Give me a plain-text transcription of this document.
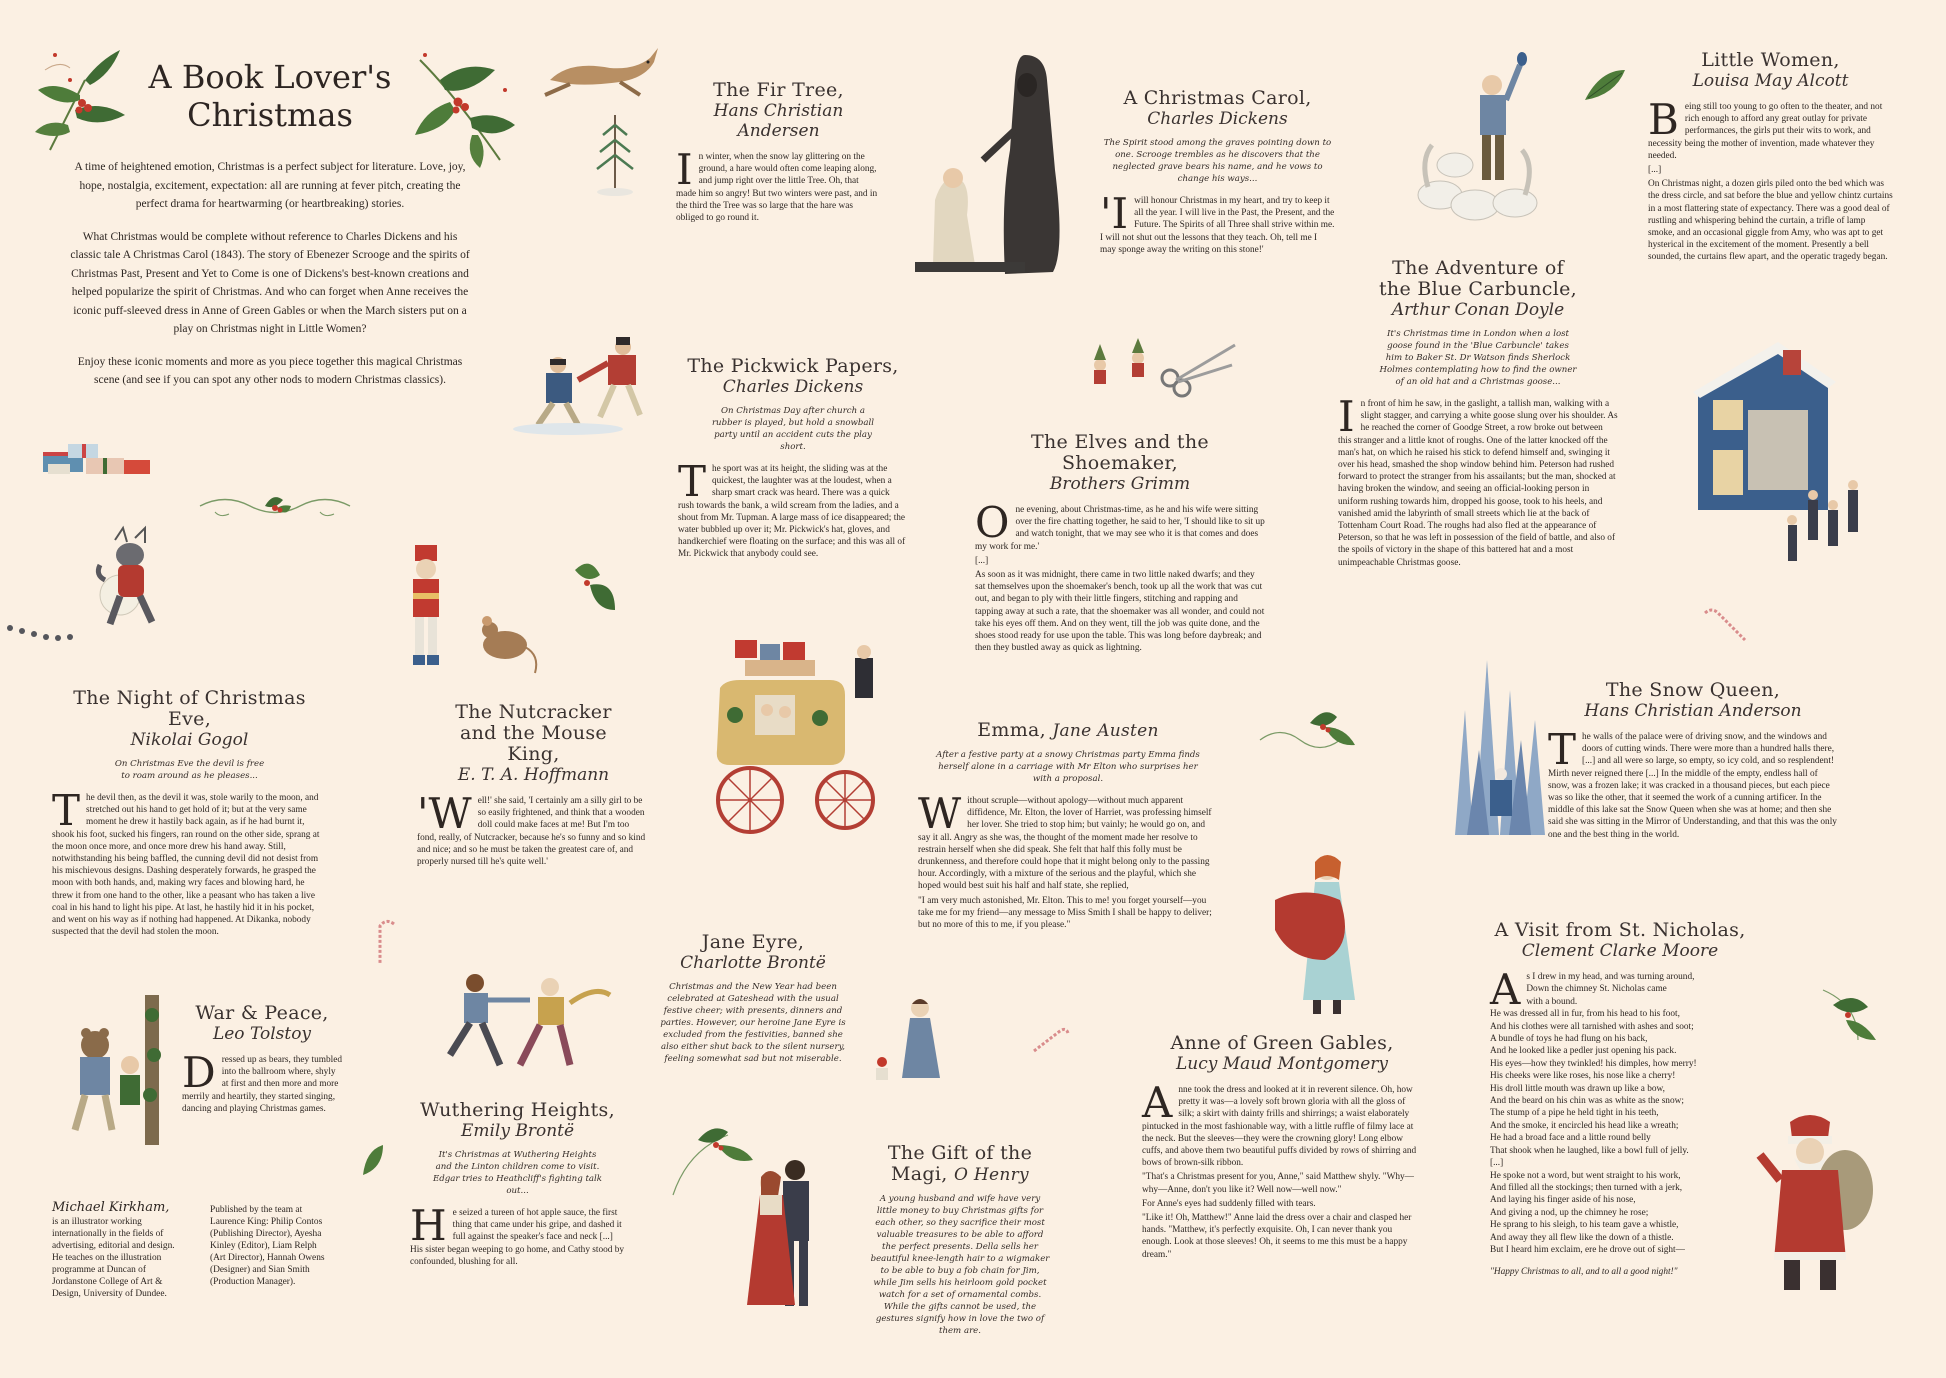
A Book Lover's Christmas

A time of heightened emotion, Christmas is a perfect subject for literature. Love, joy, hope, nostalgia, excitement, expectation: all are running at fever pitch, creating the perfect drama for heartwarming (or heartbreaking) stories.

What Christmas would be complete without reference to Charles Dickens and his classic tale A Christmas Carol (1843). The story of Ebenezer Scrooge and the spirits of Christmas Past, Present and Yet to Come is one of Dickens's best-known creations and helped popularize the spirit of Christmas. And who can forget when Anne receives the iconic puff-sleeved dress in Anne of Green Gables or when the March sisters put on a play on Christmas night in Little Women?

Enjoy these iconic moments and more as you piece together this magical Christmas scene (and see if you can spot any other nods to modern Christmas classics).

The Fir Tree,
Hans Christian Andersen
In winter, when the snow lay glittering on the ground, a hare would often come leaping along, and jump right over the little Tree. Oh, that made him so angry! But two winters were past, and in the third the Tree was so large that the hare was obliged to go round it.
A Christmas Carol,
Charles Dickens
The Spirit stood among the graves pointing down to one. Scrooge trembles as he discovers that the neglected grave bears his name, and he vows to change his ways...
'I will honour Christmas in my heart, and try to keep it all the year. I will live in the Past, the Present, and the Future. The Spirits of all Three shall strive within me. I will not shut out the lessons that they teach. Oh, tell me I may sponge away the writing on this stone!'
Little Women,
Louisa May Alcott

Being still too young to go often to the theater, and not rich enough to afford any great outlay for private performances, the girls put their wits to work, and necessity being the mother of invention, made whatever they needed.

[...]

On Christmas night, a dozen girls piled onto the bed which was the dress circle, and sat before the blue and yellow chintz curtains in a most flattering state of expectancy. There was a good deal of rustling and whispering behind the curtain, a trifle of lamp smoke, and an occasional giggle from Amy, who was apt to get hysterical in the excitement of the moment. Presently a bell sounded, the curtains flew apart, and the operatic tragedy began.

The Pickwick Papers,
Charles Dickens
On Christmas Day after church a rubber is played, but hold a snowball party until an accident cuts the play short.
The sport was at its height, the sliding was at the quickest, the laughter was at the loudest, when a sharp smart crack was heard. There was a quick rush towards the bank, a wild scream from the ladies, and a shout from Mr. Tupman. A large mass of ice disappeared; the water bubbled up over it; Mr. Pickwick's hat, gloves, and handkerchief were floating on the surface; and this was all of Mr. Pickwick that anybody could see.
The Elves and the Shoemaker,
Brothers Grimm

One evening, about Christmas-time, as he and his wife were sitting over the fire chatting together, he said to her, 'I should like to sit up and watch tonight, that we may see who it is that comes and does my work for me.'

[...]

As soon as it was midnight, there came in two little naked dwarfs; and they sat themselves upon the shoemaker's bench, took up all the work that was cut out, and began to ply with their little fingers, stitching and rapping and tapping away at such a rate, that the shoemaker was all wonder, and could not take his eyes off them. And on they went, till the job was quite done, and the shoes stood ready for use upon the table. This was long before daybreak; and then they bustled away as quick as lightning.

The Adventure of the Blue Carbuncle,
Arthur Conan Doyle
It's Christmas time in London when a lost goose found in the 'Blue Carbuncle' takes him to Baker St. Dr Watson finds Sherlock Holmes contemplating how to find the owner of an old hat and a Christmas goose...
In front of him he saw, in the gaslight, a tallish man, walking with a slight stagger, and carrying a white goose slung over his shoulder. As he reached the corner of Goodge Street, a row broke out between this stranger and a little knot of roughs. One of the latter knocked off the man's hat, on which he raised his stick to defend himself and, swinging it over his head, smashed the shop window behind him. Peterson had rushed forward to protect the stranger from his assailants; but the man, shocked at having broken the window, and seeing an official-looking person in uniform rushing towards him, dropped his goose, took to his heels, and vanished amid the labyrinth of small streets which lie at the back of Tottenham Court Road. The roughs had also fled at the appearance of Peterson, so that he was left in possession of the field of battle, and also of the spoils of victory in the shape of this battered hat and a most unimpeachable Christmas goose.
The Night of Christmas Eve,
Nikolai Gogol
On Christmas Eve the devil is free to roam around as he pleases...
The devil then, as the devil it was, stole warily to the moon, and stretched out his hand to get hold of it; but at the very same moment he drew it hastily back again, as if he had burnt it, shook his foot, sucked his fingers, ran round on the other side, sprang at the moon once more, and once more drew his hand away. Still, notwithstanding his being baffled, the cunning devil did not desist from his mischievous designs. Dashing desperately forwards, he grasped the moon with both hands, and, making wry faces and blowing hard, he threw it from one hand to the other, like a peasant who has taken a live coal in his hand to light his pipe. At last, he hastily hid it in his pocket, and went on his way as if nothing had happened. At Dikanka, nobody suspected that the devil had stolen the moon.
The Nutcracker and the Mouse King,
E. T. A. Hoffmann
'Well!' she said, 'I certainly am a silly girl to be so easily frightened, and think that a wooden doll could make faces at me! But I'm too fond, really, of Nutcracker, because he's so funny and so kind and nice; and so he must be taken the greatest care of, and properly nursed till he's quite well.'
Emma, Jane Austen
After a festive party at a snowy Christmas party Emma finds herself alone in a carriage with Mr Elton who surprises her with a proposal.

Without scruple—without apology—without much apparent diffidence, Mr. Elton, the lover of Harriet, was professing himself her lover. She tried to stop him; but vainly; he would go on, and say it all. Angry as she was, the thought of the moment made her resolve to restrain herself when she did speak. She felt that half this folly must be drunkenness, and therefore could hope that it might belong only to the passing hour. Accordingly, with a mixture of the serious and the playful, which she hoped would best suit his half and half state, she replied,

"I am very much astonished, Mr. Elton. This to me! you forget yourself—you take me for my friend—any message to Miss Smith I shall be happy to deliver; but no more of this to me, if you please."

The Snow Queen,
Hans Christian Anderson
The walls of the palace were of driving snow, and the windows and doors of cutting winds. There were more than a hundred halls there, [...] and all were so large, so empty, so icy cold, and so resplendent! Mirth never reigned there [...] In the middle of the empty, endless hall of snow, was a frozen lake; it was cracked in a thousand pieces, but each piece was so like the other, that it seemed the work of a cunning artificer. In the middle of this lake sat the Snow Queen when she was at home; and then she said she was sitting in the Mirror of Understanding, and that this was the only one and the best thing in the world.
War & Peace,
Leo Tolstoy
Dressed up as bears, they tumbled into the ballroom where, shyly at first and then more and more merrily and heartily, they started singing, dancing and playing Christmas games.
Jane Eyre,
Charlotte Brontë
Christmas and the New Year had been celebrated at Gateshead with the usual festive cheer; with presents, dinners and parties. However, our heroine Jane Eyre is excluded from the festivities, banned she also either shut back to the silent nursery, feeling somewhat sad but not miserable.
Wuthering Heights,
Emily Brontë
It's Christmas at Wuthering Heights and the Linton children come to visit. Edgar tries to Heathcliff's fighting talk out...
He seized a tureen of hot apple sauce, the first thing that came under his gripe, and dashed it full against the speaker's face and neck [...] His sister began weeping to go home, and Cathy stood by confounded, blushing for all.
Michael Kirkham,
is an illustrator working internationally in the fields of advertising, editorial and design. He teaches on the illustration programme at Duncan of Jordanstone College of Art & Design, University of Dundee.
Published by the team at Laurence King: Philip Contos (Publishing Director), Ayesha Kinley (Editor), Liam Relph (Art Director), Hannah Owens (Designer) and Sian Smith (Production Manager).
The Gift of the Magi, O Henry
A young husband and wife have very little money to buy Christmas gifts for each other, so they sacrifice their most valuable treasures to be able to afford the perfect presents. Della sells her beautiful knee-length hair to a wigmaker to be able to buy a fob chain for Jim, while Jim sells his heirloom gold pocket watch for a set of ornamental combs. While the gifts cannot be used, the gestures signify how in love the two of them are.
Anne of Green Gables,
Lucy Maud Montgomery

Anne took the dress and looked at it in reverent silence. Oh, how pretty it was—a lovely soft brown gloria with all the gloss of silk; a skirt with dainty frills and shirrings; a waist elaborately pintucked in the most fashionable way, with a little ruffle of filmy lace at the neck. But the sleeves—they were the crowning glory! Long elbow cuffs, and above them two beautiful puffs divided by rows of shirring and bows of brown-silk ribbon.

"That's a Christmas present for you, Anne," said Matthew shyly. "Why—why—Anne, don't you like it? Well now—well now."

For Anne's eyes had suddenly filled with tears.

"Like it! Oh, Matthew!" Anne laid the dress over a chair and clasped her hands. "Matthew, it's perfectly exquisite. Oh, I can never thank you enough. Look at those sleeves! Oh, it seems to me this must be a happy dream."

A Visit from St. Nicholas,
Clement Clarke Moore
A s I drew in my head, and was turning around,
Down the chimney St. Nicholas came
with a bound.
He was dressed all in fur, from his head to his foot,
And his clothes were all tarnished with ashes and soot;
A bundle of toys he had flung on his back,
And he looked like a pedler just opening his pack.
His eyes—how they twinkled! his dimples, how merry!
His cheeks were like roses, his nose like a cherry!
His droll little mouth was drawn up like a bow,
And the beard on his chin was as white as the snow;
The stump of a pipe he held tight in his teeth,
And the smoke, it encircled his head like a wreath;
He had a broad face and a little round belly
That shook when he laughed, like a bowl full of jelly.
[...]
He spoke not a word, but went straight to his work,
And filled all the stockings; then turned with a jerk,
And laying his finger aside of his nose,
And giving a nod, up the chimney he rose;
He sprang to his sleigh, to his team gave a whistle,
And away they all flew like the down of a thistle.
But I heard him exclaim, ere he drove out of sight—
"Happy Christmas to all, and to all a good night!"
